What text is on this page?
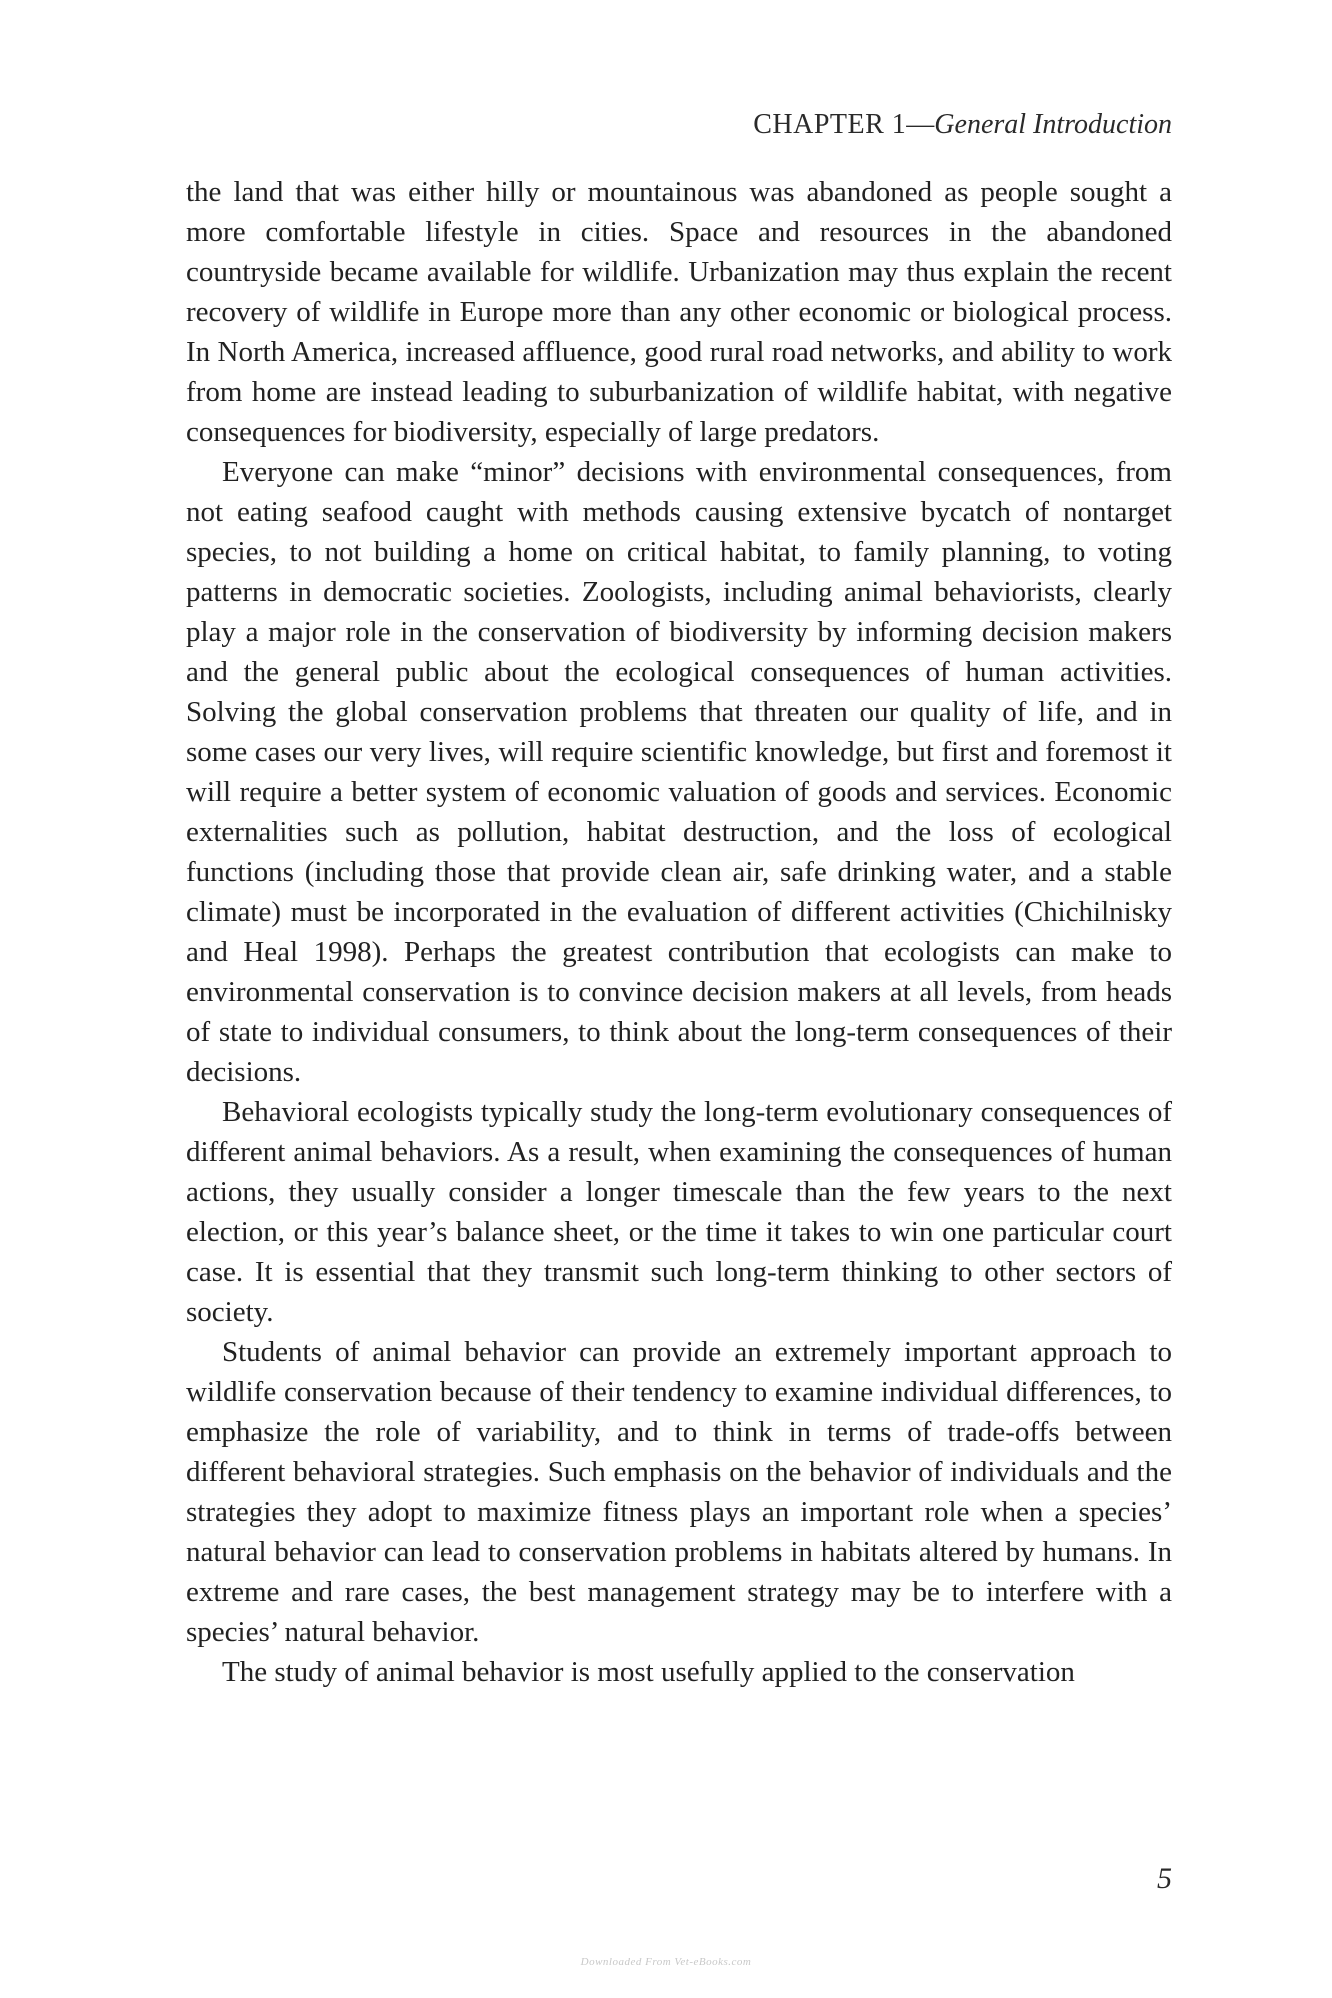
CHAPTER 1—General Introduction

the land that was either hilly or mountainous was abandoned as people sought a more comfortable lifestyle in cities. Space and resources in the abandoned countryside became available for wildlife. Urbanization may thus explain the recent recovery of wildlife in Europe more than any other economic or biological process. In North America, increased affluence, good rural road networks, and ability to work from home are instead leading to suburbanization of wildlife habitat, with negative consequences for biodiversity, especially of large predators.

Everyone can make “minor” decisions with environmental consequences, from not eating seafood caught with methods causing extensive bycatch of nontarget species, to not building a home on critical habitat, to family planning, to voting patterns in democratic societies. Zoologists, including animal behaviorists, clearly play a major role in the conservation of biodiversity by informing decision makers and the general public about the ecological consequences of human activities. Solving the global conservation problems that threaten our quality of life, and in some cases our very lives, will require scientific knowledge, but first and foremost it will require a better system of economic valuation of goods and services. Economic externalities such as pollution, habitat destruction, and the loss of ecological functions (including those that provide clean air, safe drinking water, and a stable climate) must be incorporated in the evaluation of different activities (Chichilnisky and Heal 1998). Perhaps the greatest contribution that ecologists can make to environmental conservation is to convince decision makers at all levels, from heads of state to individual consumers, to think about the long-term consequences of their decisions.

Behavioral ecologists typically study the long-term evolutionary consequences of different animal behaviors. As a result, when examining the consequences of human actions, they usually consider a longer timescale than the few years to the next election, or this year’s balance sheet, or the time it takes to win one particular court case. It is essential that they transmit such long-term thinking to other sectors of society.

Students of animal behavior can provide an extremely important approach to wildlife conservation because of their tendency to examine individual differences, to emphasize the role of variability, and to think in terms of trade-offs between different behavioral strategies. Such emphasis on the behavior of individuals and the strategies they adopt to maximize fitness plays an important role when a species’ natural behavior can lead to conservation problems in habitats altered by humans. In extreme and rare cases, the best management strategy may be to interfere with a species’ natural behavior.

The study of animal behavior is most usefully applied to the conservation

5
Downloaded From Vet-eBooks.com
